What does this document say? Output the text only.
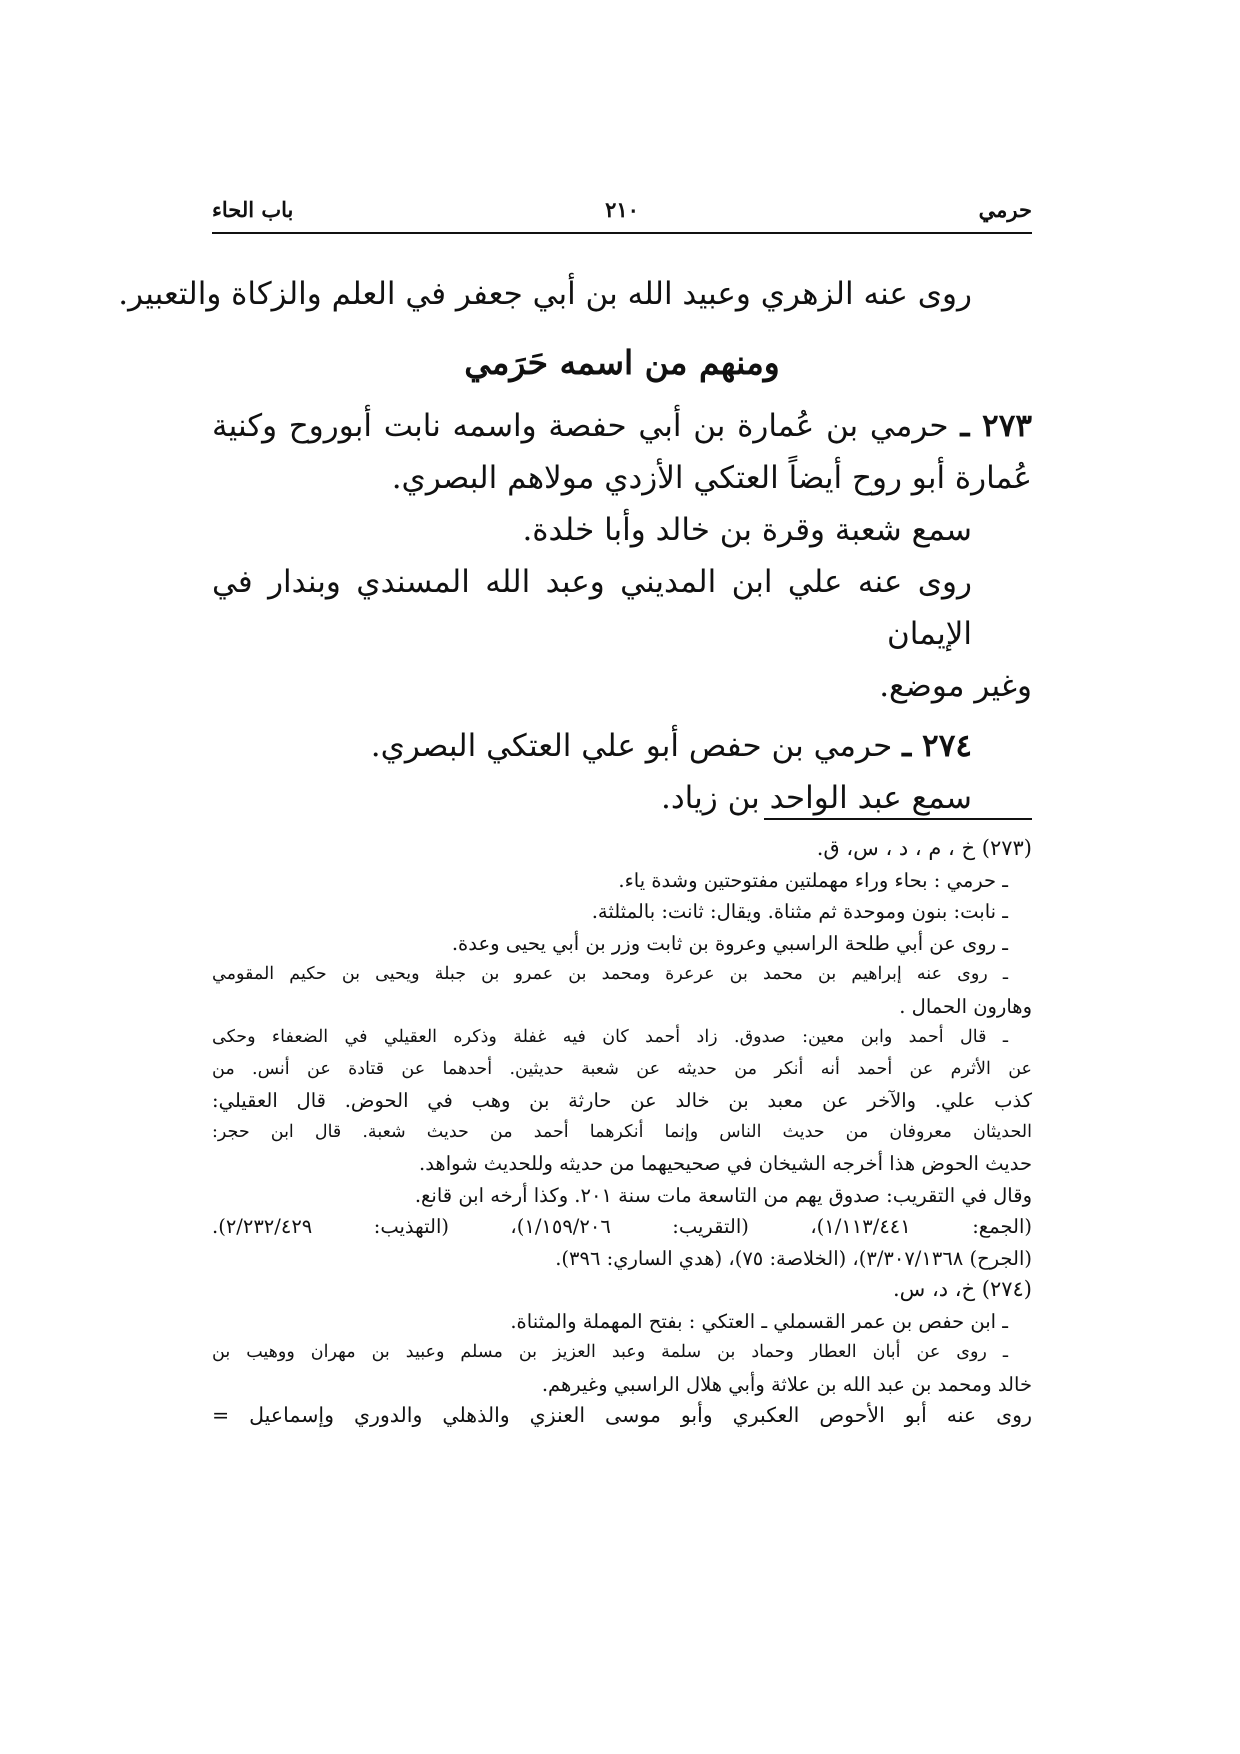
حرمي
٢١٠
باب الحاء
روى عنه الزهري وعبيد الله بن أبي جعفر في العلم والزكاة والتعبير.
ومنهم من اسمه حَرَمي
٢٧٣ ـ حرمي بن عُمارة بن أبي حفصة واسمه نابت أبوروح وكنية
عُمارة أبو روح أيضاً العتكي الأزدي مولاهم البصري.
سمع شعبة وقرة بن خالد وأبا خلدة.
روى عنه علي ابن المديني وعبد الله المسندي وبندار في الإيمان
وغير موضع.
٢٧٤ ـ حرمي بن حفص أبو علي العتكي البصري.
سمع عبد الواحد بن زياد.
(٢٧٣) خ ، م ، د ، س، ق.
ـ حرمي : بحاء وراء مهملتين مفتوحتين وشدة ياء.
ـ نابت: بنون وموحدة ثم مثناة. ويقال: ثانت: بالمثلثة.
ـ روى عن أبي طلحة الراسبي وعروة بن ثابت وزر بن أبي يحيى وعدة.
ـ روى عنه إبراهيم بن محمد بن عرعرة ومحمد بن عمرو بن جبلة ويحيى بن حكيم المقومي
وهارون الحمال .
ـ قال أحمد وابن معين: صدوق. زاد أحمد كان فيه غفلة وذكره العقيلي في الضعفاء وحكى
عن الأثرم عن أحمد أنه أنكر من حديثه عن شعبة حديثين. أحدهما عن قتادة عن أنس. من
كذب علي. والآخر عن معبد بن خالد عن حارثة بن وهب في الحوض. قال العقيلي:
الحديثان معروفان من حديث الناس وإنما أنكرهما أحمد من حديث شعبة. قال ابن حجر:
حديث الحوض هذا أخرجه الشيخان في صحيحيهما من حديثه وللحديث شواهد.
وقال في التقريب: صدوق يهم من التاسعة مات سنة ٢٠١. وكذا أرخه ابن قانع.
(الجمع: ١/١١٣/٤٤١)، (التقريب: ١/١٥٩/٢٠٦)، (التهذيب: ٢/٢٣٢/٤٢٩).
(الجرح) ٣/٣٠٧/١٣٦٨)، (الخلاصة: ٧٥)، (هدي الساري: ٣٩٦).
(٢٧٤) خ، د، س.
ـ ابن حفص بن عمر القسملي ـ العتكي : بفتح المهملة والمثناة.
ـ روى عن أبان العطار وحماد بن سلمة وعبد العزيز بن مسلم وعبيد بن مهران ووهيب بن
خالد ومحمد بن عبد الله بن علاثة وأبي هلال الراسبي وغيرهم.
روى عنه أبو الأحوص العكبري وأبو موسى العنزي والذهلي والدوري وإسماعيل =
